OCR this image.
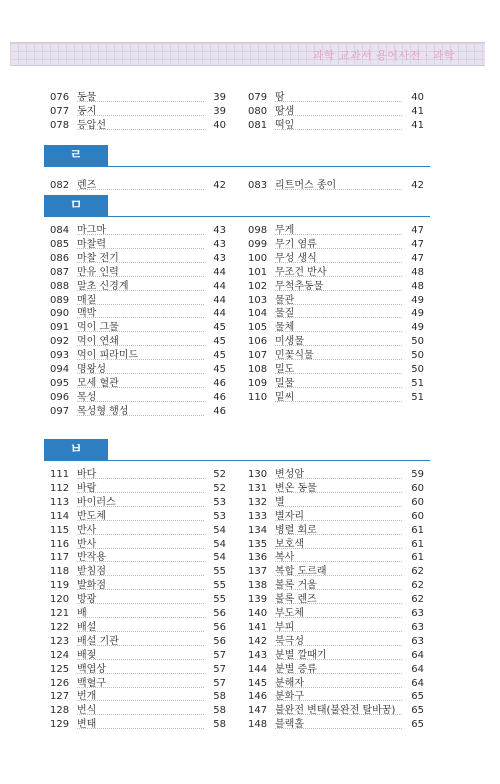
과학 교과서 용어사전 · 과학
076 동물	39
077 동지	39
078 등압선	40
079 땀	40
080 땀샘	41
081 떡잎	41
ㄹ
082 렌즈	42 083 리트머스 종이	42
ㅁ
084 마그마	43
085 마찰력	43
086 마찰 전기	43
087 만유 인력	44
088 말초 신경계	44
089 매질	44
090 맥박	44
091 먹이 그물	45
092 먹이 연쇄	45
093 먹이 피라미드	45
094 명왕성	45
095 모세 혈관	46
096 목성	46
097 목성형 행성	46
098 무게	47
099 무기 염류	47
100 무성 생식	47
101 무조건 반사	48
102 무척추동물	48
103 물관	49
104 물질	49
105 물체	49
106 미생물	50
107 민꽃식물	50
108 밀도	50
109 밀물	51
110 밑씨	51
ㅂ
111 바다	52
112 바람	52
113 바이러스	53
114 반도체	53
115 반사	54
116 반사	54
117 반작용	54
118 받침점	55
119 발화점	55
120 방광	55
121 배	56
122 배설	56
123 배설 기관	56
124 배젖	57
125 백엽상	57
126 백혈구	57
127 번개	58
128 번식	58
129 변태	58
130 변성암	59
131 변온 동물	60
132 별	60
133 별자리	60
134 병렬 회로	61
135 보호색	61
136 복사	61
137 복합 도르래	62
138 볼록 거울	62
139 볼록 렌즈	62
140 부도체	63
141 부피	63
142 북극성	63
143 분별 깔때기	64
144 분별 증류	64
145 분해자	64
146 분화구	65
147 불완전 변태(불완전 탈바꿈) 65
148 블랙홀	65
